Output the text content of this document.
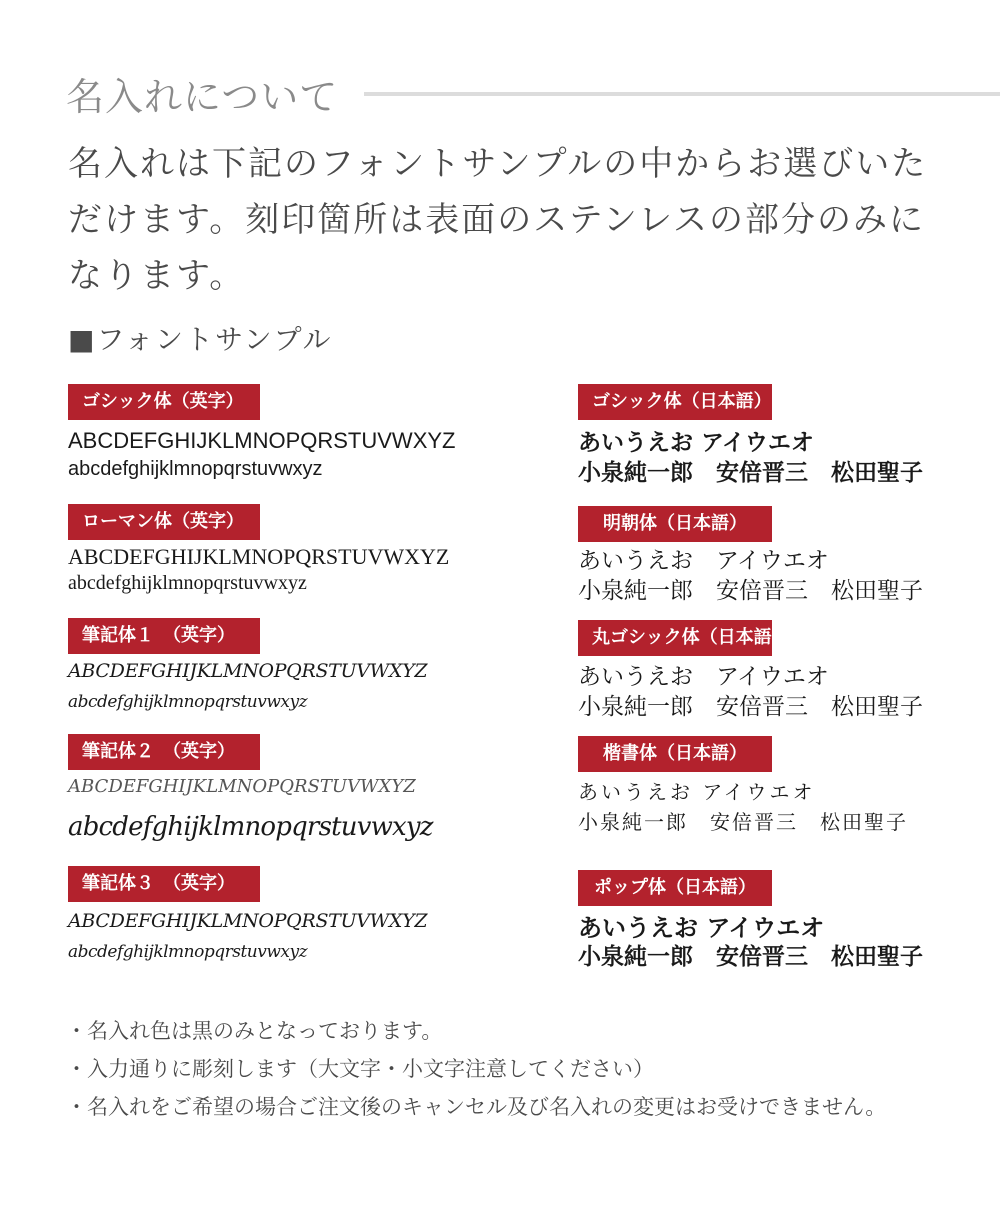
名入れについて
名入れは下記のフォントサンプルの中からお選びいた
だけます。刻印箇所は表面のステンレスの部分のみに
なります。
■フォントサンプル
ゴシック体（英字）
ABCDEFGHIJKLMNOPQRSTUVWXYZ
abcdefghijklmnopqrstuvwxyz
ローマン体（英字）
ABCDEFGHIJKLMNOPQRSTUVWXYZ
abcdefghijklmnopqrstuvwxyz
筆記体１　（英字）
ABCDEFGHIJKLMNOPQRSTUVWXYZ
abcdefghijklmnopqrstuvwxyz
筆記体２　（英字）
ABCDEFGHIJKLMNOPQRSTUVWXYZ
abcdefghijklmnopqrstuvwxyz
筆記体３　（英字）
ABCDEFGHIJKLMNOPQRSTUVWXYZ
abcdefghijklmnopqrstuvwxyz
ゴシック体（日本語）
あいうえお アイウエオ
小泉純一郎　安倍晋三　松田聖子
明朝体（日本語）
あいうえお　アイウエオ
小泉純一郎　安倍晋三　松田聖子
丸ゴシック体（日本語）
あいうえお　アイウエオ
小泉純一郎　安倍晋三　松田聖子
楷書体（日本語）
あいうえお アイウエオ
小泉純一郎　安倍晋三　松田聖子
ポップ体（日本語）
あいうえお アイウエオ
小泉純一郎　安倍晋三　松田聖子
・名入れ色は黒のみとなっております。
・入力通りに彫刻します（大文字・小文字注意してください）
・名入れをご希望の場合ご注文後のキャンセル及び名入れの変更はお受けできません。
